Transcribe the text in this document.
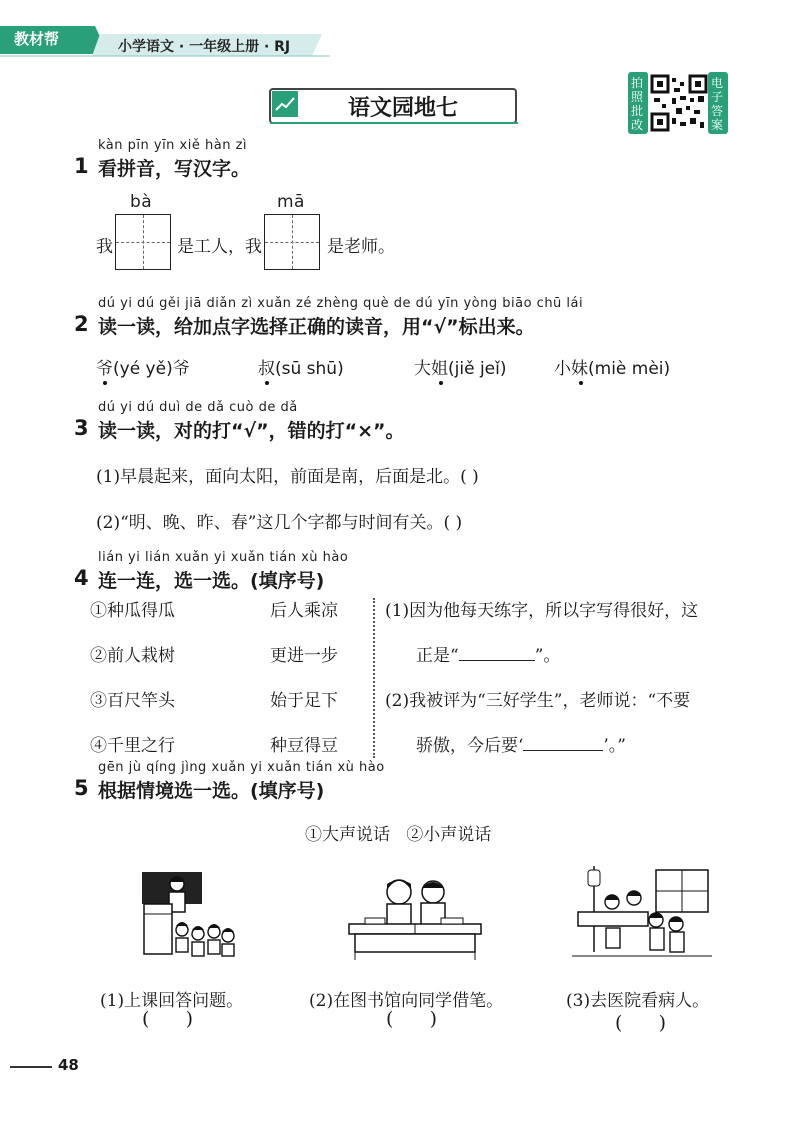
教材帮	小学语文 · 一年级上册 · RJ
语文园地七
拍照批改
电子答案
kàn pīn yīn xiě hàn zì
1 看拼音，写汉字。
bà	mā
我	是工人，我	是老师。
dú yi dú gěi jiā diǎn zì xuǎn zé zhèng què de dú yīn yòng biāo chū lái
2 读一读，给加点字选择正确的读音，用“√”标出来。
爷(yé yě)爷	叔(sū shū)	大姐(jiě jeǐ)	小妹(miè mèi)
dú yi dú duì de dǎ cuò de dǎ
3 读一读，对的打“√”，错的打“×”。
(1)早晨起来，面向太阳，前面是南，后面是北。( )
(2)“明、晚、昨、春”这几个字都与时间有关。( )
lián yi lián xuǎn yi xuǎn tián xù hào
4 连一连，选一选。(填序号)
①种瓜得瓜
②前人栽树
③百尺竿头
④千里之行
后人乘凉
更进一步
始于足下
种豆得豆
(1)因为他每天练字，所以字写得很好，这
正是“	”。
(2)我被评为“三好学生”，老师说：“不要
骄傲，今后要‘	’。”
gēn jù qíng jìng xuǎn yi xuǎn tián xù hào
5 根据情境选一选。(填序号)
①大声说话   ②小声说话
(1)上课回答问题。
(      )
(2)在图书馆向同学借笔。
(      )
(3)去医院看病人。
(      )
48
